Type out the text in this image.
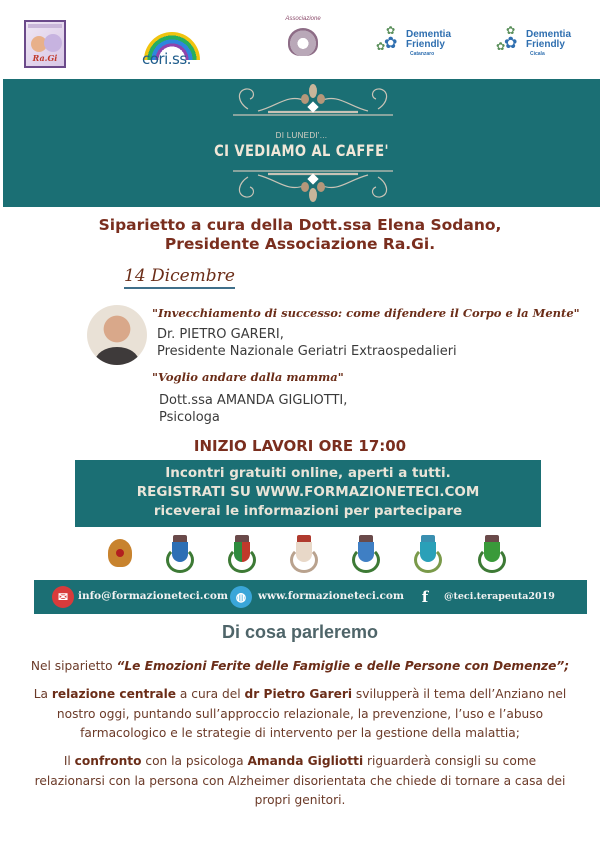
Ra.Gi	cori.ss.
Associazione
✿
✿
✿
Dementia
Friendly
Catanzaro
✿
✿
✿
Dementia
Friendly
Cicala
DI LUNEDI'...
CI VEDIAMO AL CAFFE'
Siparietto a cura della Dott.ssa Elena Sodano,
Presidente Associazione Ra.Gi.
14 Dicembre
"Invecchiamento di successo: come difendere il Corpo e la Mente"
Dr. PIETRO GARERI,
Presidente Nazionale Geriatri Extraospedalieri
"Voglio andare dalla mamma"
Dott.ssa AMANDA GIGLIOTTI,
Psicologa
INIZIO LAVORI ORE 17:00
Incontri gratuiti online, aperti a tutti.
REGISTRATI SU WWW.FORMAZIONETECI.COM
riceverai le informazioni per partecipare
✉ info@formazioneteci.com ◍	www.formazioneteci.com	f	@teci.terapeuta2019
Di cosa parleremo
Nel siparietto “Le Emozioni Ferite delle Famiglie e delle Persone con Demenze”;
La relazione centrale a cura del dr Pietro Gareri svilupperà il tema dell’Anziano nel nostro oggi, puntando sull’approccio relazionale, la prevenzione, l’uso e l’abuso farmacologico e le strategie di intervento per la gestione della malattia;
Il confronto con la psicologa Amanda Gigliotti riguarderà consigli su come relazionarsi con la persona con Alzheimer disorientata che chiede di tornare a casa dei propri genitori.
